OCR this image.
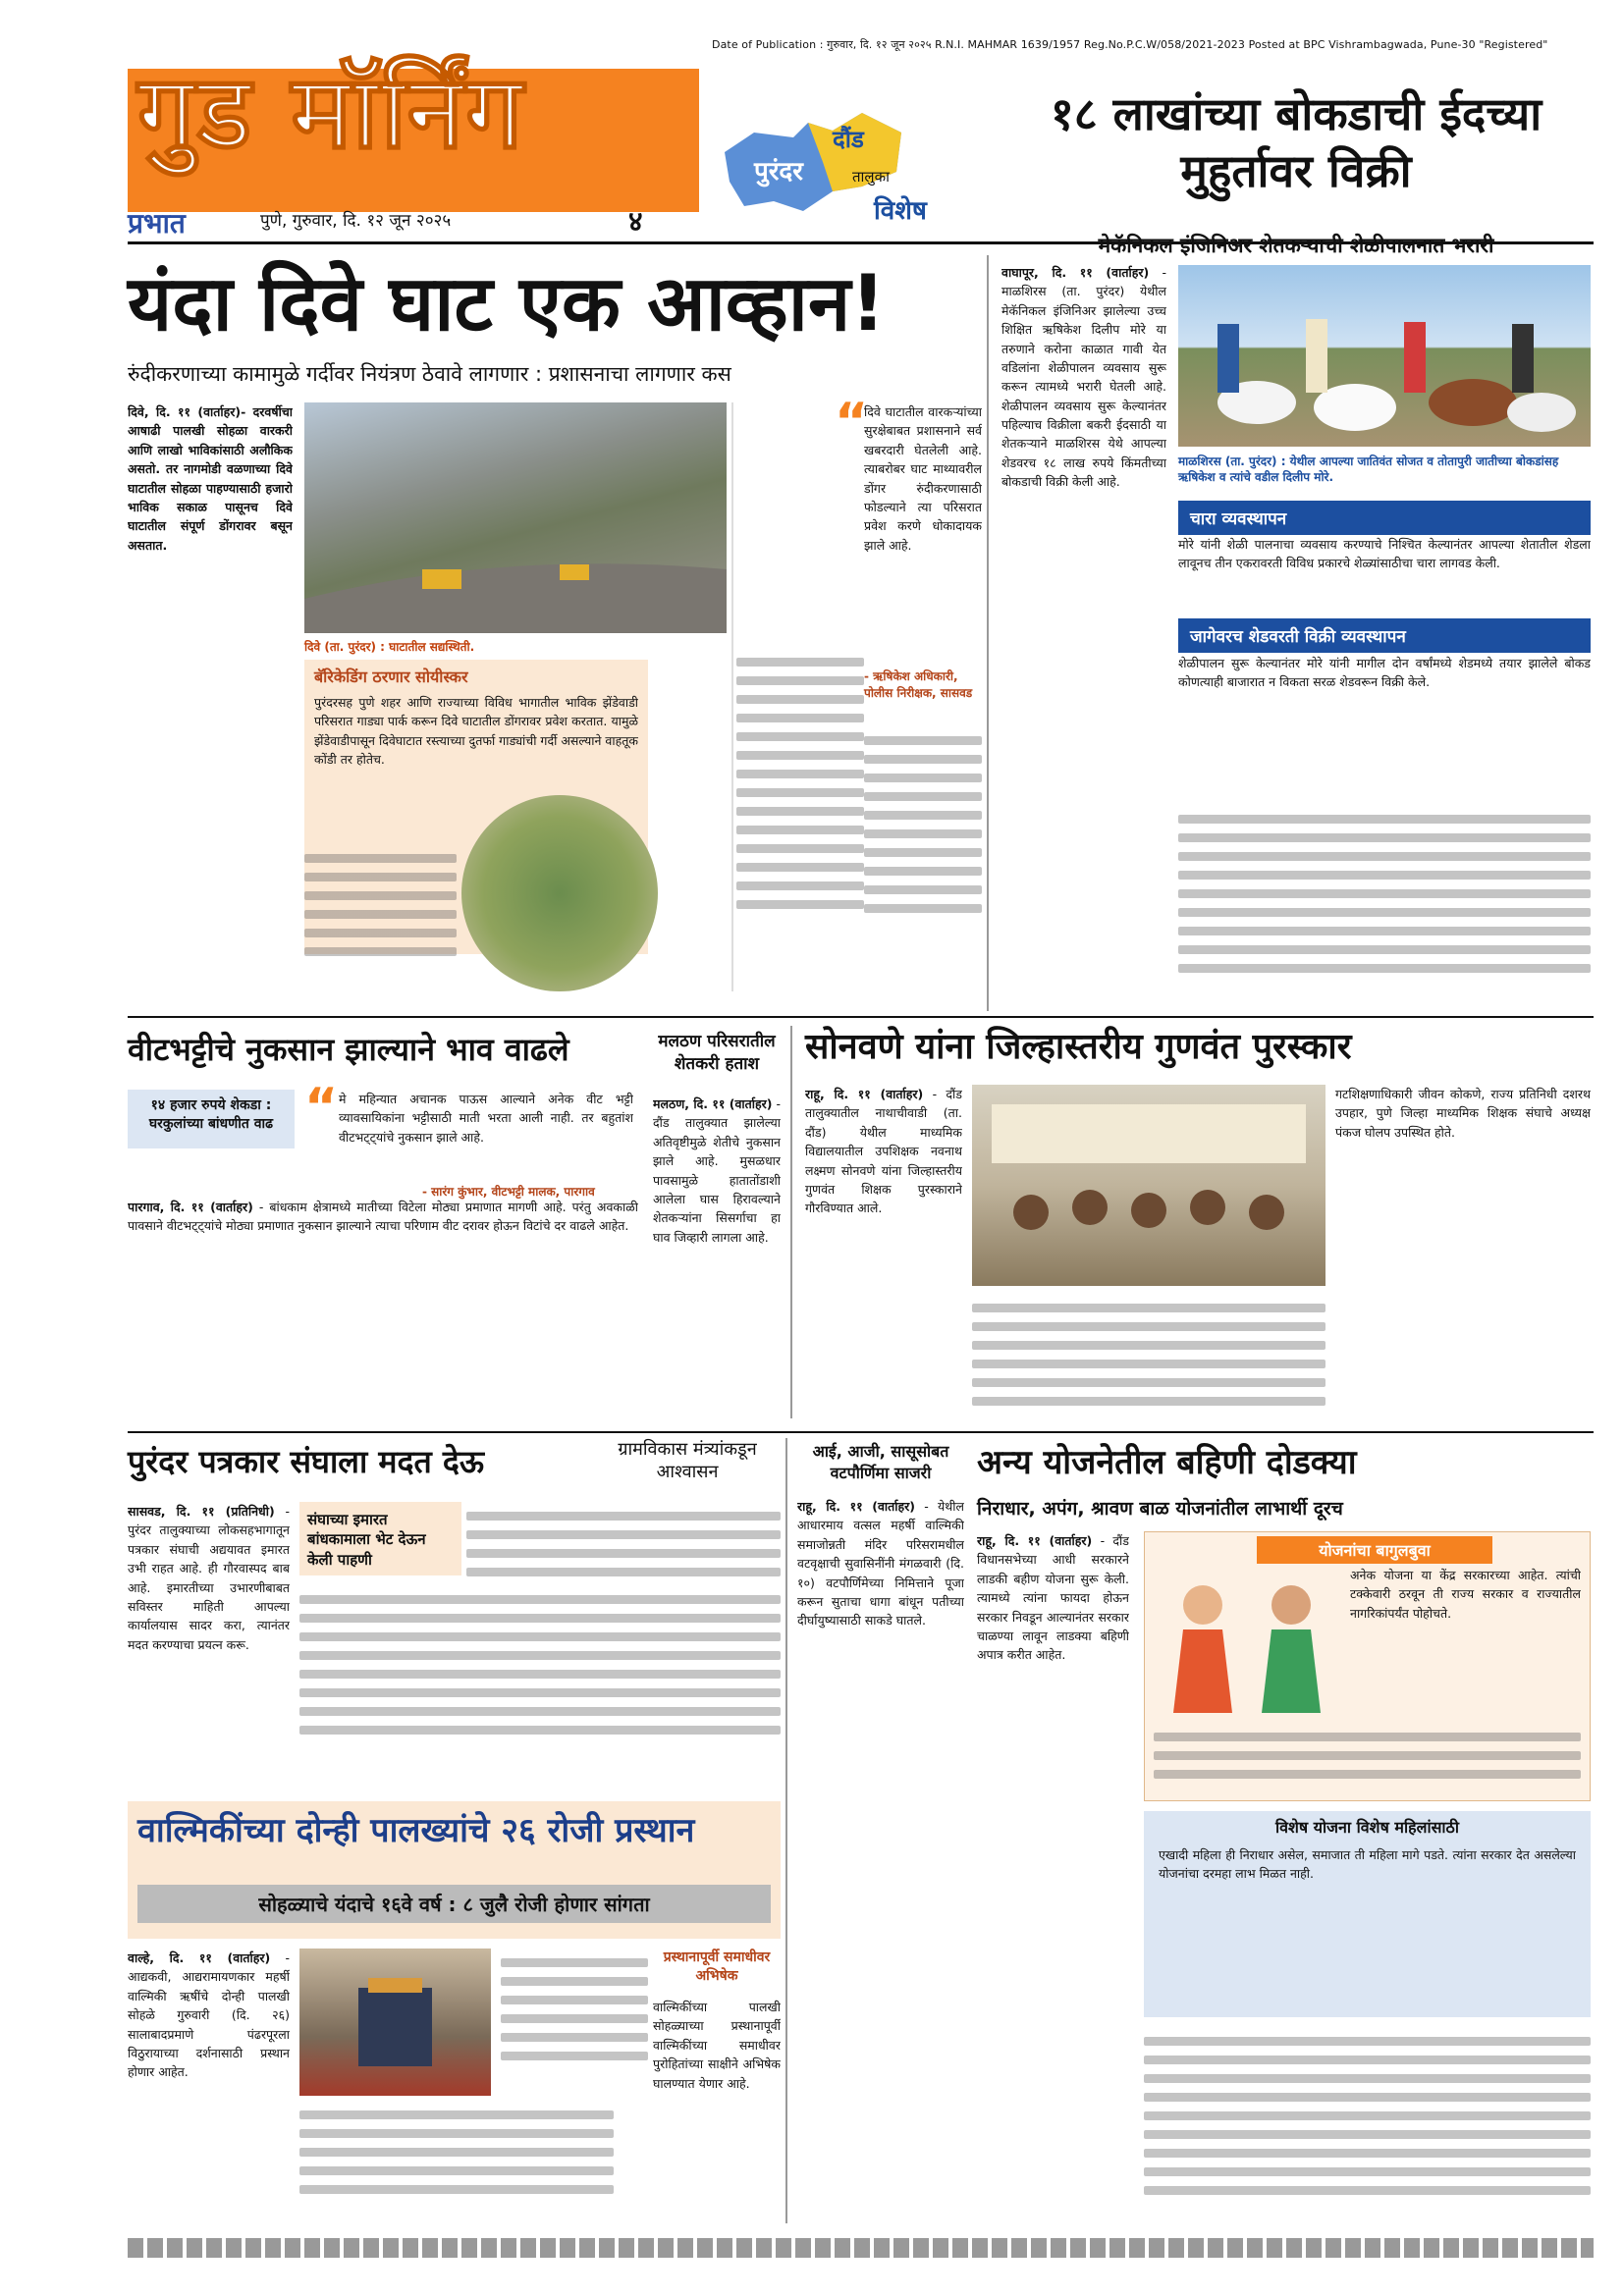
Date of Publication : गुरुवार, दि. १२ जून २०२५ R.N.I. MAHMAR 1639/1957 Reg.No.P.C.W/058/2021-2023 Posted at BPC Vishrambagwada, Pune-30 "Registered"
गुड मॉर्निंग
प्रभात	पुणे, गुरुवार, दि. १२ जून २०२५	४
पुरंदर
दौंड
तालुका
विशेष
१८ लाखांच्या बोकडाची ईदच्या मुहुर्तावर विक्री
मेकॅनिकल इंजिनिअर शेतकऱ्याची शेळीपालनात भरारी
वाघापूर, दि. ११ (वार्ताहर) - माळशिरस (ता. पुरंदर) येथील मेकॅनिकल इंजिनिअर झालेल्या उच्च शिक्षित ऋषिकेश दिलीप मोरे या तरुणाने करोना काळात गावी येत वडिलांना शेळीपालन व्यवसाय सुरू करून त्यामध्ये भरारी घेतली आहे. शेळीपालन व्यवसाय सुरू केल्यानंतर पहिल्याच विक्रीला बकरी ईदसाठी या शेतकऱ्याने माळशिरस येथे आपल्या शेडवरच १८ लाख रुपये किंमतीच्या बोकडाची विक्री केली आहे.
माळशिरस (ता. पुरंदर) : येथील आपल्या जातिवंत सोजत व तोतापुरी जातीच्या बोकडांसह ऋषिकेश व त्यांचे वडील दिलीप मोरे.
चारा व्यवस्थापन
मोरे यांनी शेळी पालनाचा व्यवसाय करण्याचे निश्चित केल्यानंतर आपल्या शेतातील शेडला लावूनच तीन एकरावरती विविध प्रकारचे शेळ्यांसाठीचा चारा लागवड केली.
जागेवरच शेडवरती विक्री व्यवस्थापन
शेळीपालन सुरू केल्यानंतर मोरे यांनी मागील दोन वर्षांमध्ये शेडमध्ये तयार झालेले बोकड कोणत्याही बाजारात न विकता सरळ शेडवरून विक्री केले.
यंदा दिवे घाट एक आव्हान!
रुंदीकरणाच्या कामामुळे गर्दीवर नियंत्रण ठेवावे लागणार : प्रशासनाचा लागणार कस
दिवे, दि. ११ (वार्ताहर)- दरवर्षीचा आषाढी पालखी सोहळा वारकरी आणि लाखो भाविकांसाठी अलौकिक असतो. तर नागमोडी वळणाच्या दिवे घाटातील सोहळा पाहण्यासाठी हजारो भाविक सकाळ पासूनच दिवे घाटातील संपूर्ण डोंगरावर बसून असतात.
दिवे (ता. पुरंदर) : घाटातील सद्यस्थिती.
बॅरिकेडिंग ठरणार सोयीस्कर
पुरंदरसह पुणे शहर आणि राज्याच्या विविध भागातील भाविक झेंडेवाडी परिसरात गाड्या पार्क करून दिवे घाटातील डोंगरावर प्रवेश करतात. यामुळे झेंडेवाडीपासून दिवेघाटात रस्त्याच्या दुतर्फा गाड्यांची गर्दी असल्याने वाहतूक कोंडी तर होतेच.
“
दिवे घाटातील वारकऱ्यांच्या सुरक्षेबाबत प्रशासनाने सर्व खबरदारी घेतलेली आहे. त्याबरोबर घाट माथ्यावरील डोंगर रुंदीकरणासाठी फोडल्याने त्या परिसरात प्रवेश करणे धोकादायक झाले आहे.
- ऋषिकेश अधिकारी, पोलीस निरीक्षक, सासवड
वीटभट्टीचे नुकसान झाल्याने भाव वाढले
१४ हजार रुपये शेकडा : घरकुलांच्या बांधणीत वाढ “ मे महिन्यात अचानक पाऊस आल्याने अनेक वीट भट्टी व्यावसायिकांना भट्टीसाठी माती भरता आली नाही. तर बहुतांश वीटभट्ट्यांचे नुकसान झाले आहे.
- सारंग कुंभार, वीटभट्टी मालक, पारगाव
पारगाव, दि. ११ (वार्ताहर) - बांधकाम क्षेत्रामध्ये मातीच्या विटेला मोठ्या प्रमाणात मागणी आहे. परंतु अवकाळी पावसाने वीटभट्ट्यांचे मोठ्या प्रमाणात नुकसान झाल्याने त्याचा परिणाम वीट दरावर होऊन विटांचे दर वाढले आहेत.
मलठण परिसरातील शेतकरी हताश
मलठण, दि. ११ (वार्ताहर) - दौंड तालुक्यात झालेल्या अतिवृष्टीमुळे शेतीचे नुकसान झाले आहे. मुसळधार पावसामुळे हातातोंडाशी आलेला घास हिरावल्याने शेतकऱ्यांना सिसर्गाचा हा घाव जिव्हारी लागला आहे.
सोनवणे यांना जिल्हास्तरीय गुणवंत पुरस्कार
राहू, दि. ११ (वार्ताहर) - दौंड तालुक्यातील नाथाचीवाडी (ता. दौंड) येथील माध्यमिक विद्यालयातील उपशिक्षक नवनाथ लक्ष्मण सोनवणे यांना जिल्हास्तरीय गुणवंत शिक्षक पुरस्काराने गौरविण्यात आले.
गटशिक्षणाधिकारी जीवन कोकणे, राज्य प्रतिनिधी दशरथ उपहार, पुणे जिल्हा माध्यमिक शिक्षक संघाचे अध्यक्ष पंकज घोलप उपस्थित होते.
पुरंदर पत्रकार संघाला मदत देऊ	ग्रामविकास मंत्र्यांकडून आश्वासन
सासवड, दि. ११ (प्रतिनिधी) - पुरंदर तालुक्याच्या लोकसहभागातून पत्रकार संघाची अद्ययावत इमारत उभी राहत आहे. ही गौरवास्पद बाब आहे. इमारतीच्या उभारणीबाबत सविस्तर माहिती आपल्या कार्यालयास सादर करा, त्यानंतर मदत करण्याचा प्रयत्न करू.
संघाच्या इमारत बांधकामाला भेट देऊन केली पाहणी
आई, आजी, सासूसोबत वटपौर्णिमा साजरी
राहू, दि. ११ (वार्ताहर) - येथील आधारमाय वत्सल महर्षी वाल्मिकी समाजोन्नती मंदिर परिसरामधील वटवृक्षाची सुवासिनींनी मंगळवारी (दि. १०) वटपौर्णिमेच्या निमित्ताने पूजा करून सुताचा धागा बांधून पतीच्या दीर्घायुष्यासाठी साकडे घातले.
अन्य योजनेतील बहिणी दोडक्या
निराधार, अपंग, श्रावण बाळ योजनांतील लाभार्थी दूरच
राहू, दि. ११ (वार्ताहर) - दौंड विधानसभेच्या आधी सरकारने लाडकी बहीण योजना सुरू केली. त्यामध्ये त्यांना फायदा होऊन सरकार निवडून आल्यानंतर सरकार चाळण्या लावून लाडक्या बहिणी अपात्र करीत आहेत.
योजनांचा बागुलबुवा
अनेक योजना या केंद्र सरकारच्या आहेत. त्यांची टक्केवारी ठरवून ती राज्य सरकार व राज्यातील नागरिकांपर्यंत पोहोचते.
विशेष योजना विशेष महिलांसाठी
एखादी महिला ही निराधार असेल, समाजात ती महिला मागे पडते. त्यांना सरकार देत असलेल्या योजनांचा दरमहा लाभ मिळत नाही.
वाल्मिकींच्या दोन्ही पालख्यांचे २६ रोजी प्रस्थान
सोहळ्याचे यंदाचे १६वे वर्ष : ८ जुलै रोजी होणार सांगता
वाल्हे, दि. ११ (वार्ताहर) - आद्यकवी, आद्यरामायणकार महर्षी वाल्मिकी ऋषींचे दोन्ही पालखी सोहळे गुरुवारी (दि. २६) सालाबादप्रमाणे पंढरपूरला विठुरायाच्या दर्शनासाठी प्रस्थान होणार आहेत.
प्रस्थानापूर्वी समाधीवर अभिषेक
वाल्मिकींच्या पालखी सोहळ्याच्या प्रस्थानापूर्वी वाल्मिकींच्या समाधीवर पुरोहितांच्या साक्षीने अभिषेक घालण्यात येणार आहे.
